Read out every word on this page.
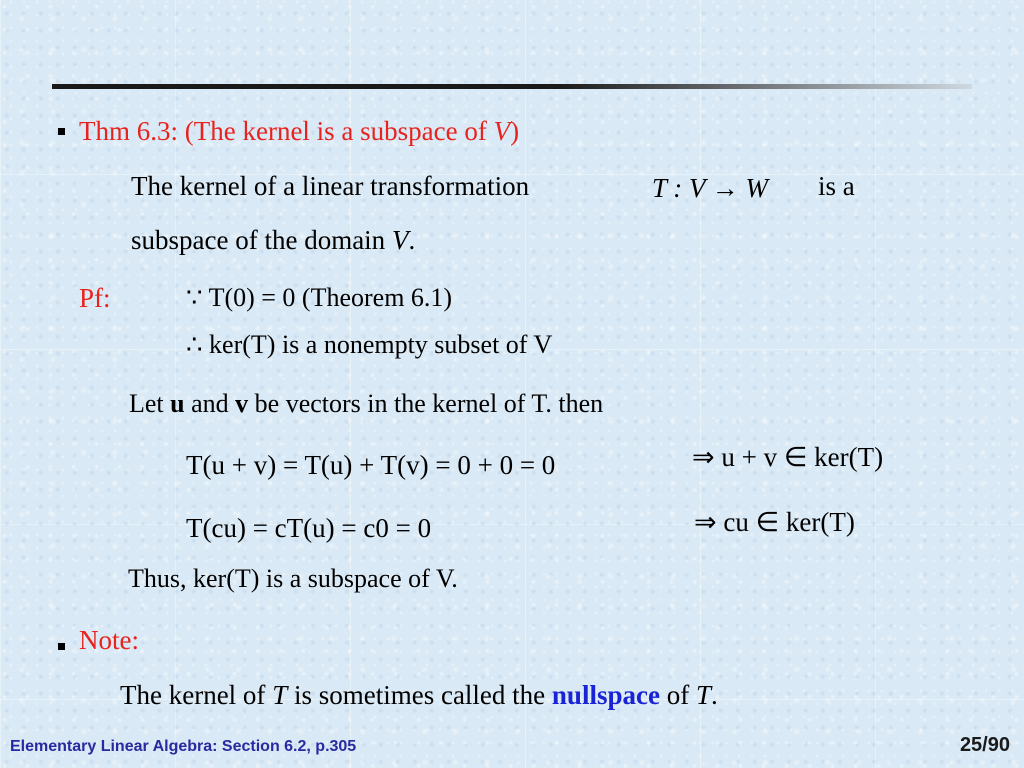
Thm 6.3: (The kernel is a subspace of V)
The kernel of a linear transformation	T : V → W is a
subspace of the domain V.
Pf:	∵ T(0) = 0 (Theorem 6.1)
∴ ker(T) is a nonempty subset of V
Let u and v be vectors in the kernel of T. then
T(u + v) = T(u) + T(v) = 0 + 0 = 0	⇒ u + v ∈ ker(T)
T(cu) = cT(u) = c0 = 0	⇒ cu ∈ ker(T)
Thus, ker(T) is a subspace of V.
Note:
The kernel of T is sometimes called the nullspace of T.
Elementary Linear Algebra: Section 6.2, p.305	25/90
